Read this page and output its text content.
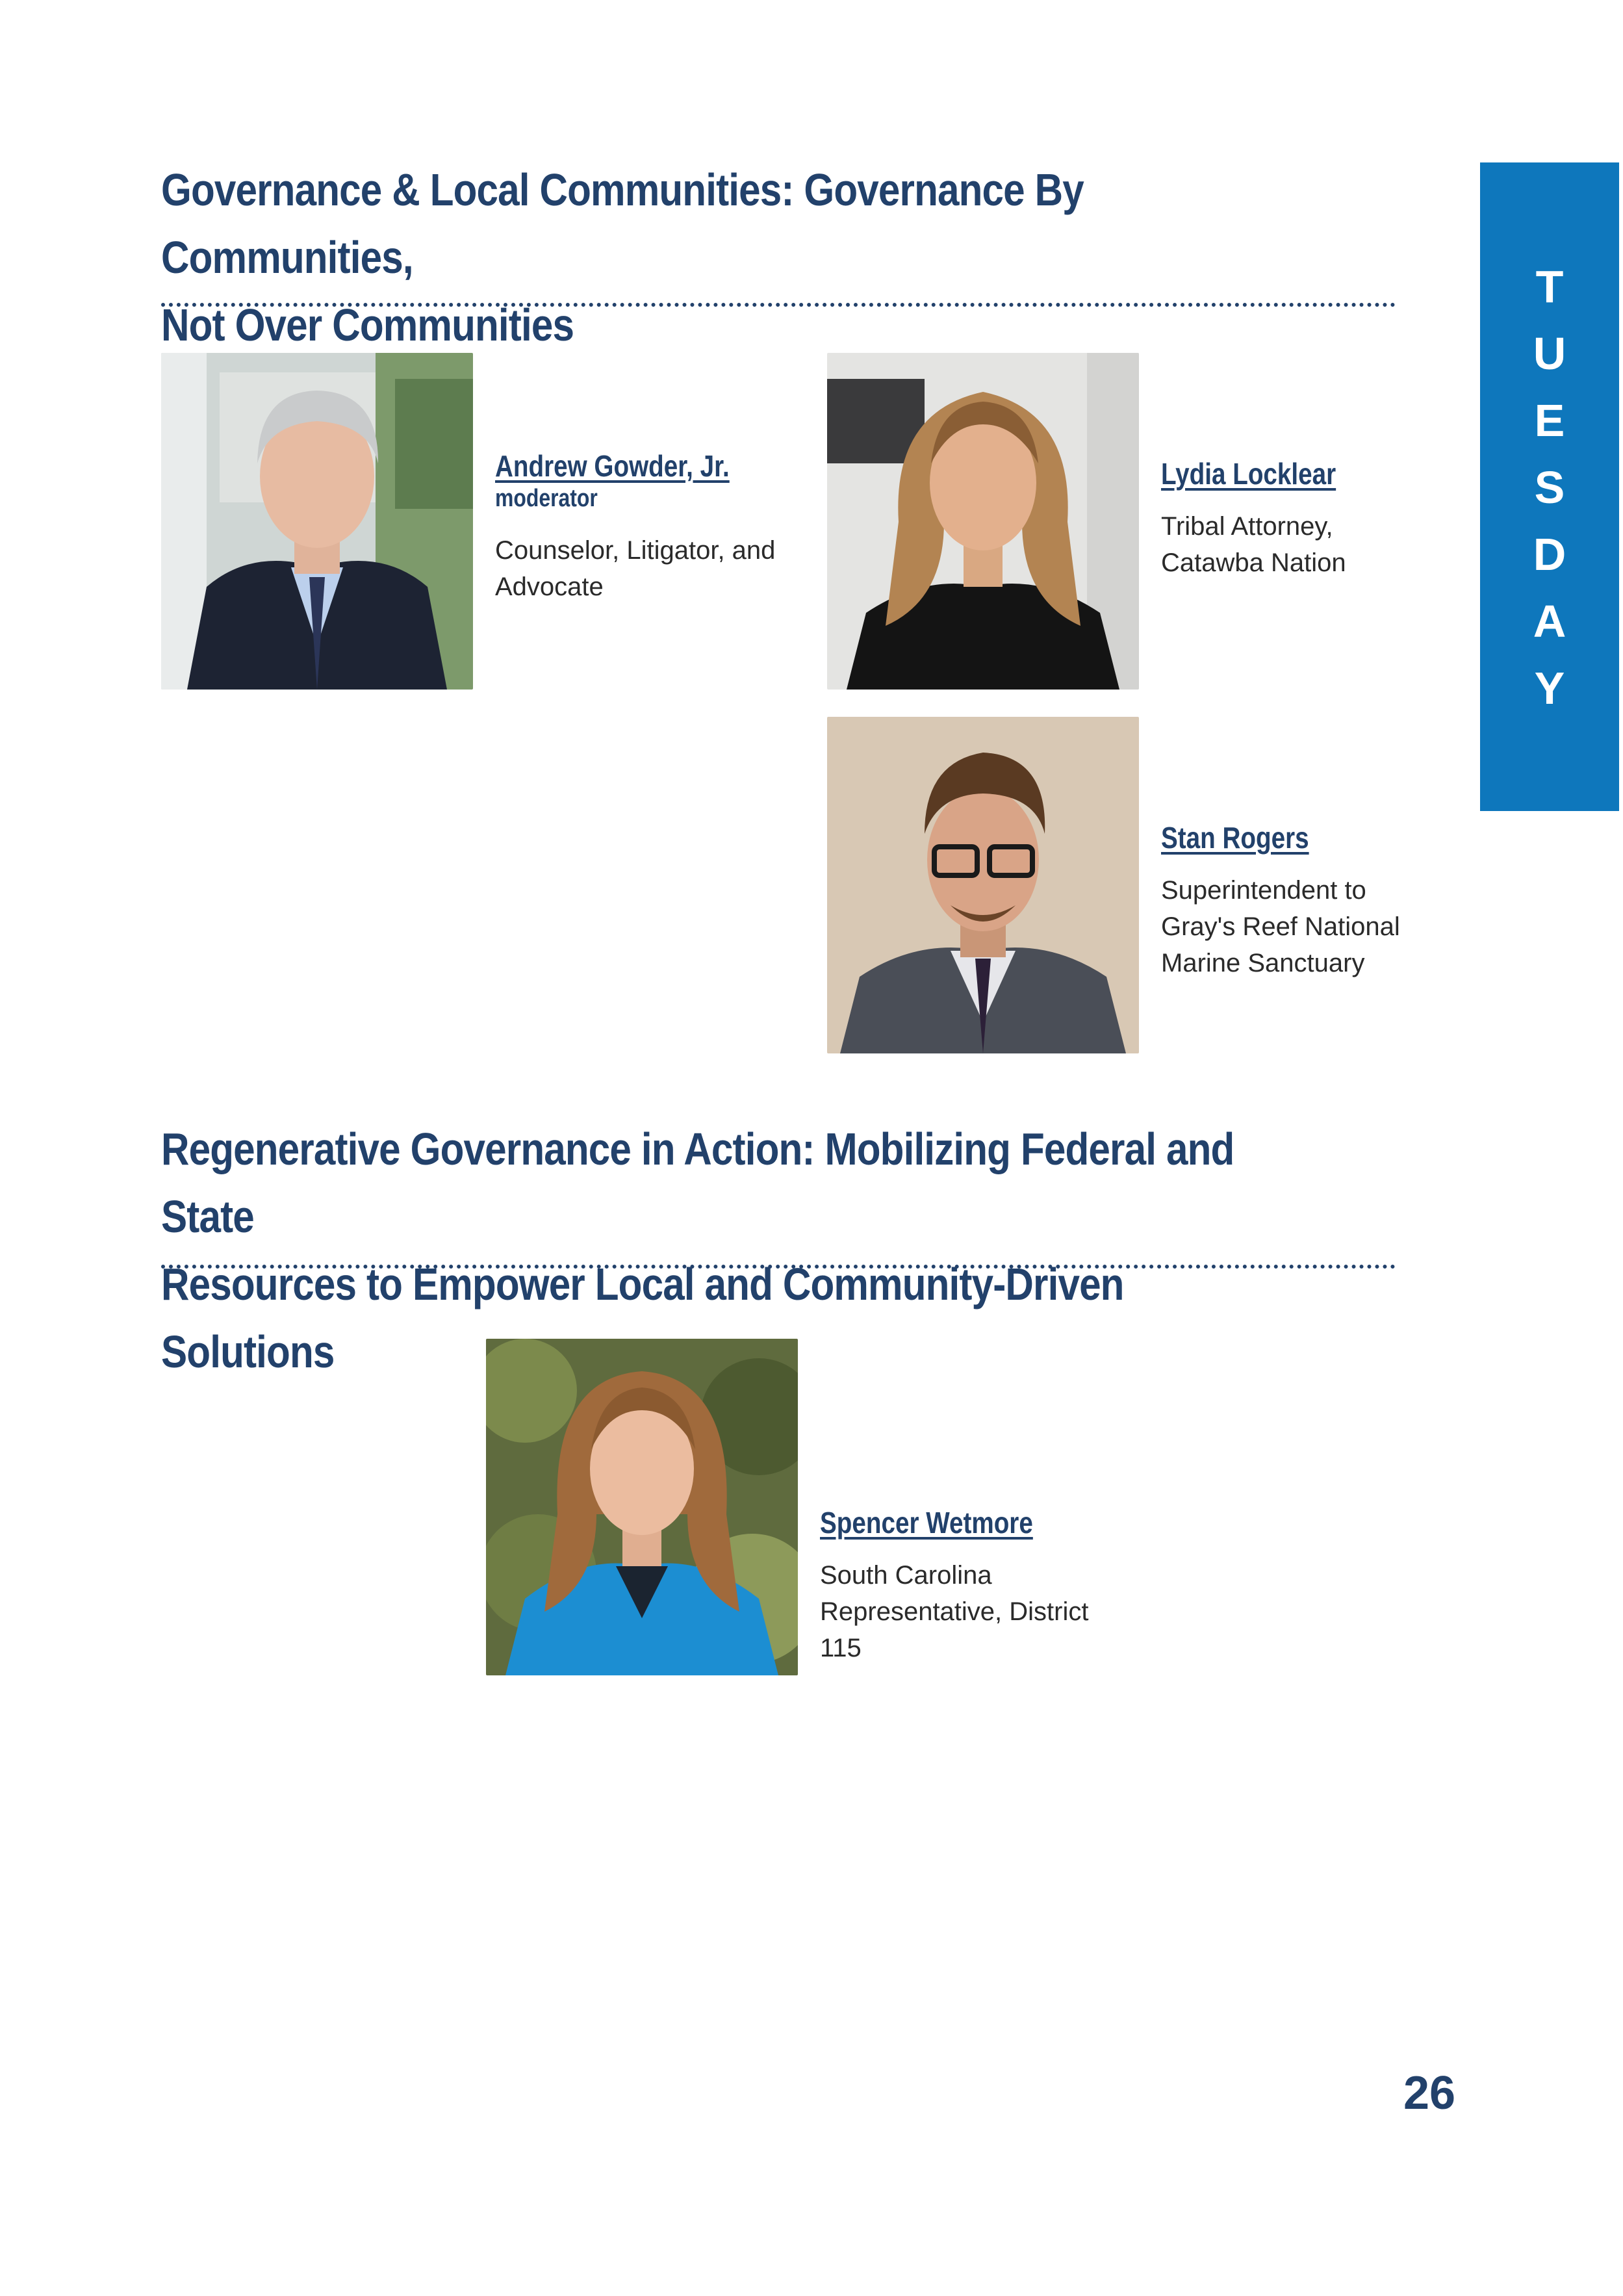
Governance & Local Communities: Governance By Communities,
Not Over Communities
Andrew Gowder, Jr.
moderator
Counselor, Litigator, and
Advocate
Lydia Locklear
Tribal Attorney,
Catawba Nation
Stan Rogers
Superintendent to
Gray's Reef National
Marine Sanctuary
Regenerative Governance in Action: Mobilizing Federal and State
Resources to Empower Local and Community-Driven Solutions
Spencer Wetmore
South Carolina
Representative, District
115
T
U
E
S
D
A
Y
26
